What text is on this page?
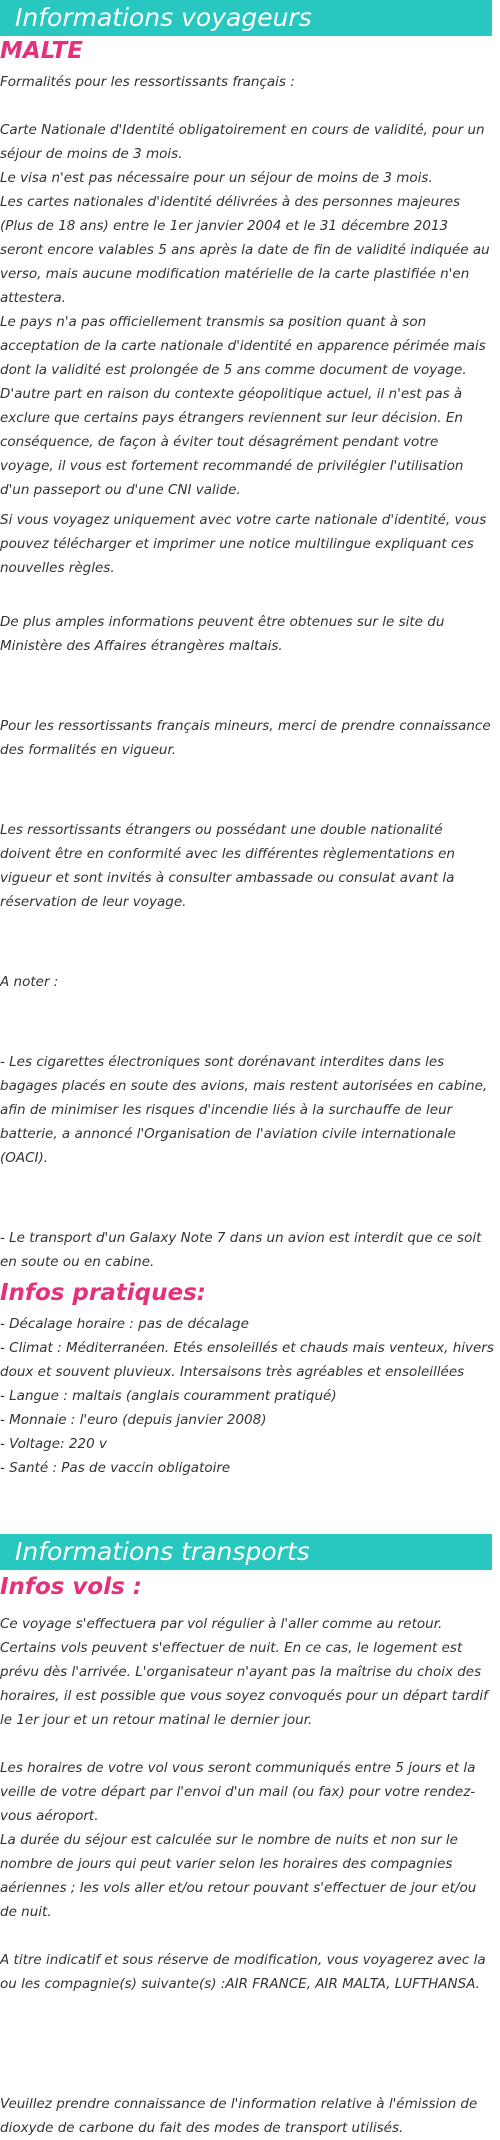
Informations voyageurs
MALTE

Formalités pour les ressortissants français :

Carte Nationale d'Identité obligatoirement en cours de validité, pour un séjour de moins de 3 mois.

Le visa n'est pas nécessaire pour un séjour de moins de 3 mois.

Les cartes nationales d'identité délivrées à des personnes majeures (Plus de 18 ans) entre le 1er janvier 2004 et le 31 décembre 2013 seront encore valables 5 ans après la date de fin de validité indiquée au verso, mais aucune modification matérielle de la carte plastifiée n'en attestera.

Le pays n'a pas officiellement transmis sa position quant à son acceptation de la carte nationale d'identité en apparence périmée mais dont la validité est prolongée de 5 ans comme document de voyage. D'autre part en raison du contexte géopolitique actuel, il n'est pas à exclure que certains pays étrangers reviennent sur leur décision. En conséquence, de façon à éviter tout désagrément pendant votre voyage, il vous est fortement recommandé de privilégier l'utilisation d'un passeport ou d'une CNI valide.

Si vous voyagez uniquement avec votre carte nationale d'identité, vous pouvez télécharger et imprimer une notice multilingue expliquant ces nouvelles règles.

De plus amples informations peuvent être obtenues sur le site du Ministère des Affaires étrangères maltais.

Pour les ressortissants français mineurs, merci de prendre connaissance des formalités en vigueur.

Les ressortissants étrangers ou possédant une double nationalité doivent être en conformité avec les différentes règlementations en vigueur et sont invités à consulter ambassade ou consulat avant la réservation de leur voyage.

A noter :

- Les cigarettes électroniques sont dorénavant interdites dans les bagages placés en soute des avions, mais restent autorisées en cabine, afin de minimiser les risques d'incendie liés à la surchauffe de leur batterie, a annoncé l'Organisation de l'aviation civile internationale (OACI).

- Le transport d'un Galaxy Note 7 dans un avion est interdit que ce soit en soute ou en cabine.

Infos pratiques:

- Décalage horaire : pas de décalage

- Climat : Méditerranéen. Etés ensoleillés et chauds mais venteux, hivers doux et souvent pluvieux. Intersaisons très agréables et ensoleillées

- Langue : maltais (anglais couramment pratiqué)

- Monnaie : l'euro (depuis janvier 2008)

- Voltage: 220 v

- Santé : Pas de vaccin obligatoire

Informations transports
Infos vols :

Ce voyage s'effectuera par vol régulier à l'aller comme au retour. Certains vols peuvent s'effectuer de nuit. En ce cas, le logement est prévu dès l'arrivée. L'organisateur n'ayant pas la maîtrise du choix des horaires, il est possible que vous soyez convoqués pour un départ tardif le 1er jour et un retour matinal le dernier jour.

Les horaires de votre vol vous seront communiqués entre 5 jours et la veille de votre départ par l'envoi d'un mail (ou fax) pour votre rendez-vous aéroport.

La durée du séjour est calculée sur le nombre de nuits et non sur le nombre de jours qui peut varier selon les horaires des compagnies aériennes ; les vols aller et/ou retour pouvant s'effectuer de jour et/ou de nuit.

A titre indicatif et sous réserve de modification, vous voyagerez avec la ou les compagnie(s) suivante(s) :AIR FRANCE, AIR MALTA, LUFTHANSA.

Veuillez prendre connaissance de l'information relative à l'émission de dioxyde de carbone du fait des modes de transport utilisés.
